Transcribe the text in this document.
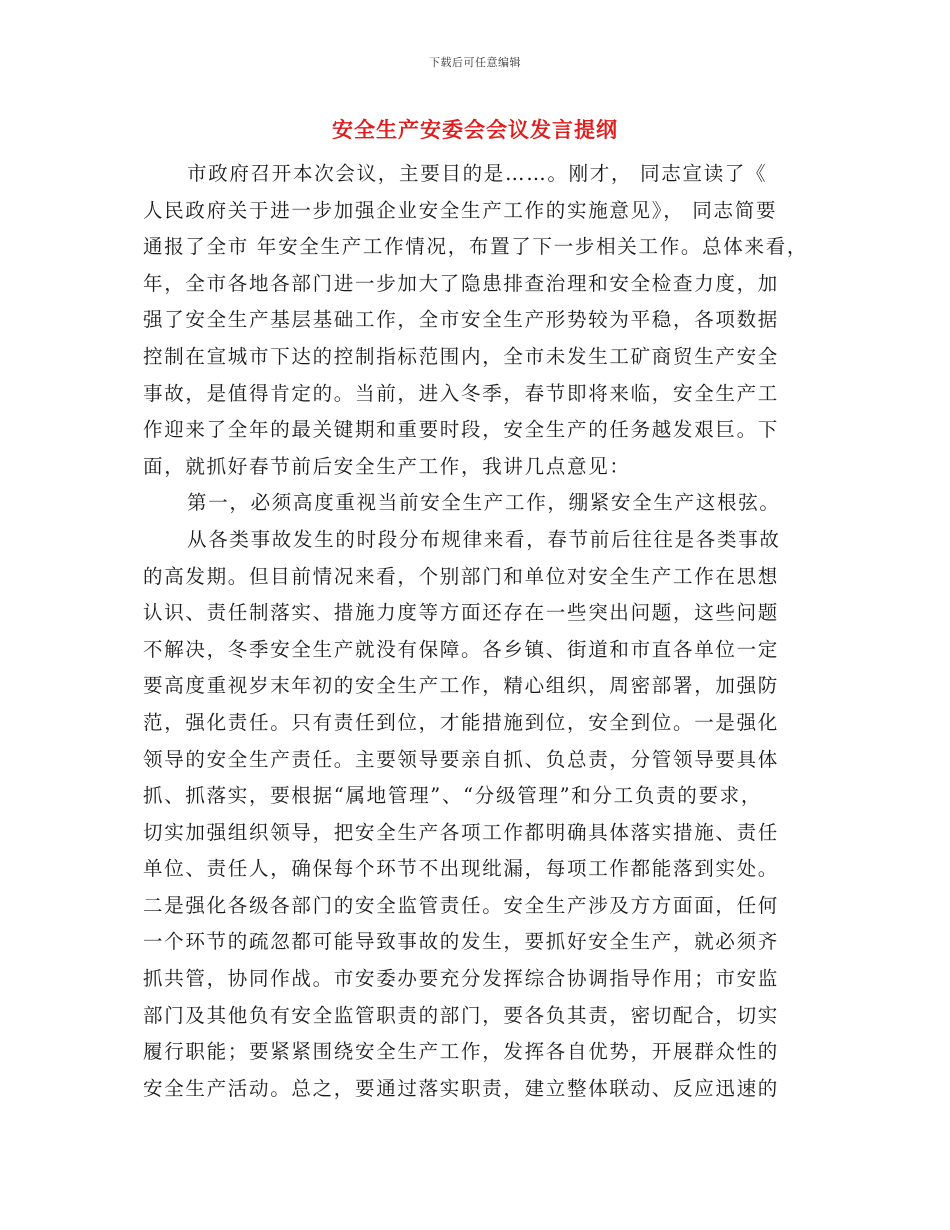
下载后可任意编辑
安全生产安委会会议发言提纲
市政府召开本次会议，主要目的是……。刚才， 同志宣读了《
人民政府关于进一步加强企业安全生产工作的实施意见》， 同志简要
通报了全市 年安全生产工作情况，布置了下一步相关工作。总体来看，
年，全市各地各部门进一步加大了隐患排查治理和安全检查力度，加
强了安全生产基层基础工作，全市安全生产形势较为平稳，各项数据
控制在宣城市下达的控制指标范围内，全市未发生工矿商贸生产安全
事故，是值得肯定的。当前，进入冬季，春节即将来临，安全生产工
作迎来了全年的最关键期和重要时段，安全生产的任务越发艰巨。下
面，就抓好春节前后安全生产工作，我讲几点意见：
第一，必须高度重视当前安全生产工作，绷紧安全生产这根弦。
从各类事故发生的时段分布规律来看，春节前后往往是各类事故
的高发期。但目前情况来看，个别部门和单位对安全生产工作在思想
认识、责任制落实、措施力度等方面还存在一些突出问题，这些问题
不解决，冬季安全生产就没有保障。各乡镇、街道和市直各单位一定
要高度重视岁末年初的安全生产工作，精心组织，周密部署，加强防
范，强化责任。只有责任到位，才能措施到位，安全到位。一是强化
领导的安全生产责任。主要领导要亲自抓、负总责，分管领导要具体
抓、抓落实，要根据“属地管理”、“分级管理”和分工负责的要求，
切实加强组织领导，把安全生产各项工作都明确具体落实措施、责任
单位、责任人，确保每个环节不出现纰漏，每项工作都能落到实处。
二是强化各级各部门的安全监管责任。安全生产涉及方方面面，任何
一个环节的疏忽都可能导致事故的发生，要抓好安全生产，就必须齐
抓共管，协同作战。市安委办要充分发挥综合协调指导作用；市安监
部门及其他负有安全监管职责的部门，要各负其责，密切配合，切实
履行职能；要紧紧围绕安全生产工作，发挥各自优势，开展群众性的
安全生产活动。总之，要通过落实职责，建立整体联动、反应迅速的
